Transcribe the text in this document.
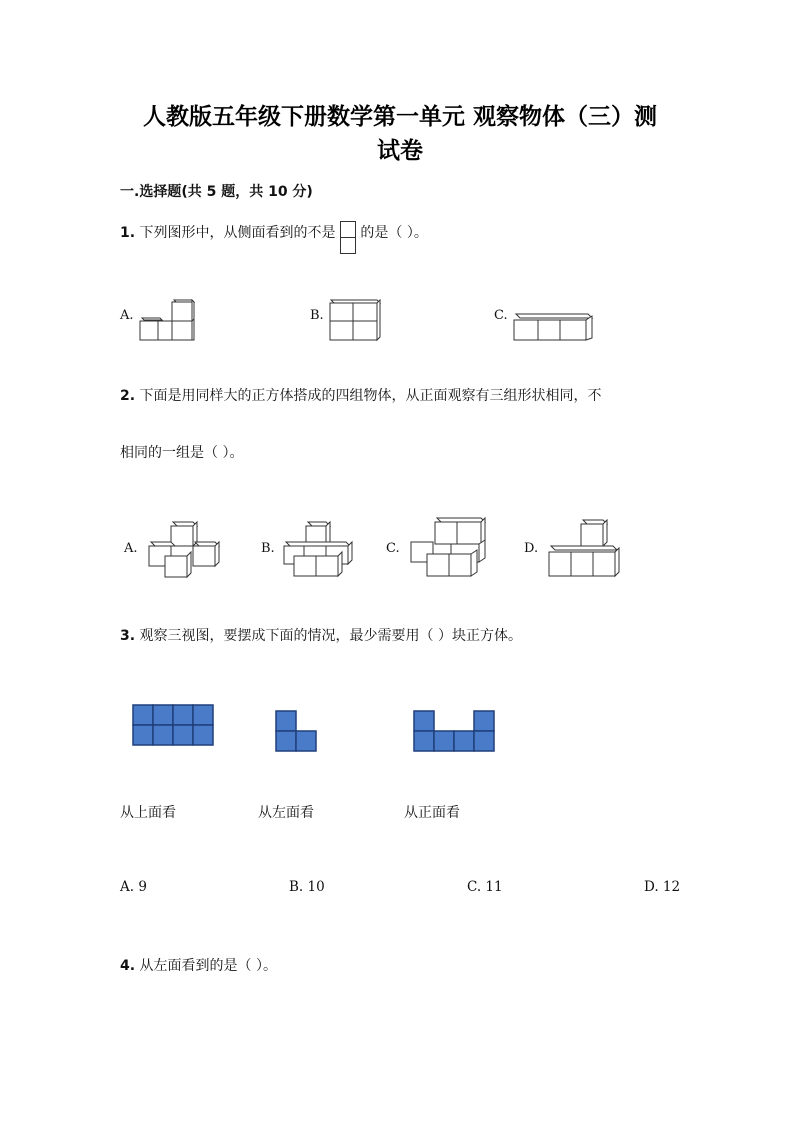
人教版五年级下册数学第一单元 观察物体（三）测
试卷
一.选择题(共 5 题，共 10 分)
1. 下列图形中，从侧面看到的不是 的是（ ）。
A.	B.	C.
2. 下面是用同样大的正方体搭成的四组物体，从正面观察有三组形状相同，不
相同的一组是（ ）。
A.	B.	C.	D.
3. 观察三视图，要摆成下面的情况，最少需要用（ ）块正方体。
从上面看	从左面看	从正面看
A. 9	B. 10	C. 11	D. 12
4. 从左面看到的是（ ）。
